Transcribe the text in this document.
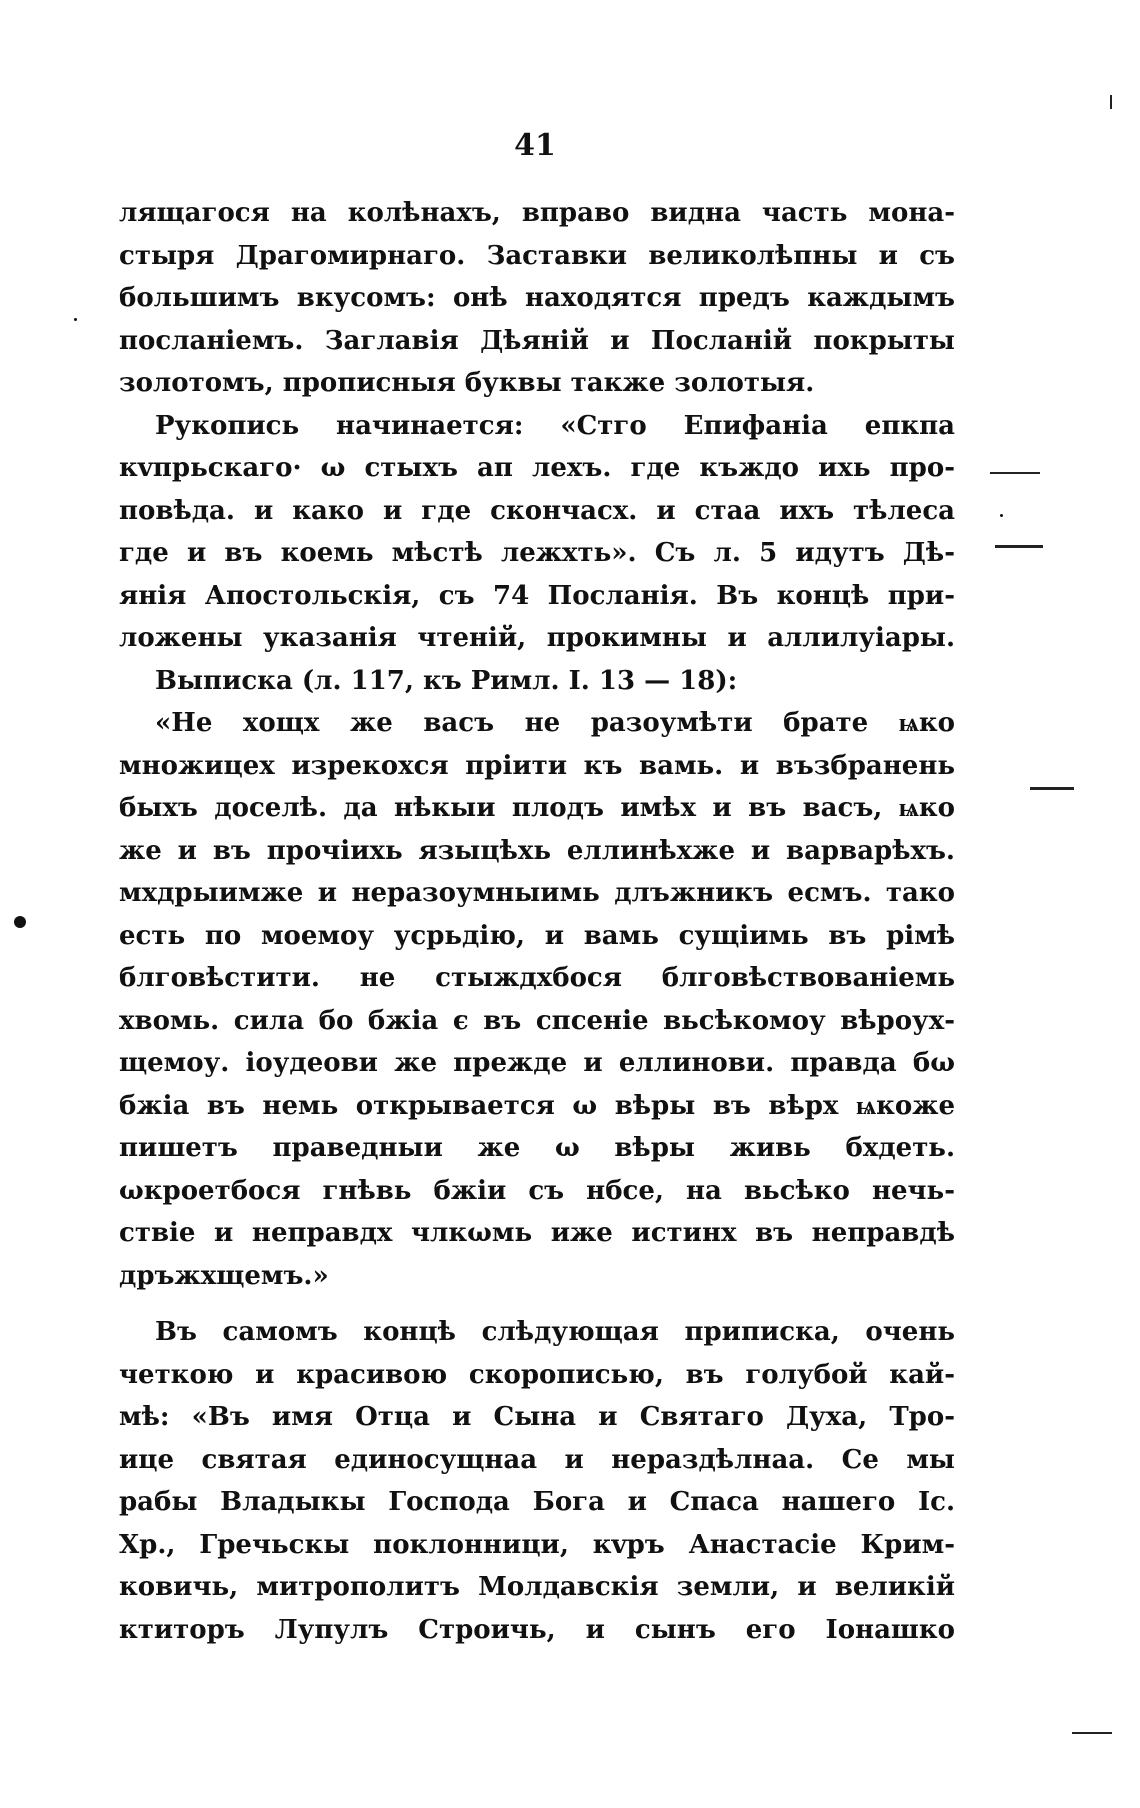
41
лящагося на колѣнахъ, вправо видна часть мона-
стыря Драгомирнаго. Заставки великолѣпны и съ
большимъ вкусомъ: онѣ находятся предъ каждымъ
посланіемъ. Заглавія Дѣяній и Посланій покрыты
золотомъ, прописныя буквы также золотыя.
Рукопись начинается: «Стго Епифаніа епкпа
кvпрьскаго· ω стыхъ ап лехъ. где къждо ихь про-
повѣда. и како и где скончасх. и стаа ихъ тѣлеса
где и въ коемь мѣстѣ лежхть». Съ л. 5 идутъ Дѣ-
янія Апостольскія, съ 74 Посланія. Въ концѣ при-
ложены указанія чтеній, прокимны и аллилуіары.
Выписка (л. 117, къ Римл. I. 13 — 18):
«Не хощх же васъ не разоумѣти брате ѩко
множицех изрекохся пріити къ вамь. и възбранень
быхъ доселѣ. да нѣкыи плодъ имѣх и въ васъ, ѩко
же и въ прочіихь языцѣхь еллинѣхже и варварѣхъ.
мхдрыимже и неразоумныимь длъжникъ есмъ. тако
есть по моемоу усрьдію, и вамь сущіимь въ рімѣ
блговѣстити. не стыждхбося блговѣствованіемь
хвомь. сила бо бжіа є въ спсеніе вьсѣкомоу вѣроух-
щемоу. іоудеови же прежде и еллинови. правда бω
бжіа въ немь открывается ω вѣры въ вѣрх ѩкоже
пишетъ праведныи же ω вѣры живь бхдеть.
ωкроетбося гнѣвь бжіи съ нбсе, на вьсѣко нечь-
ствіе и неправдх члкωмь иже истинх въ неправдѣ
дръжхщемъ.»
Въ самомъ концѣ слѣдующая приписка, очень
четкою и красивою скорописью, въ голубой кай-
мѣ: «Въ имя Отца и Сына и Святаго Духа, Тро-
ице святая единосущнаа и нераздѣлнаа. Се мы
рабы Владыкы Господа Бога и Спаса нашего Іс.
Хр., Гречьскы поклонници, кvръ Анастасіе Крим-
ковичь, митрополитъ Молдавскія земли, и великій
ктиторъ Лупулъ Строичь, и сынъ его Іонашко
